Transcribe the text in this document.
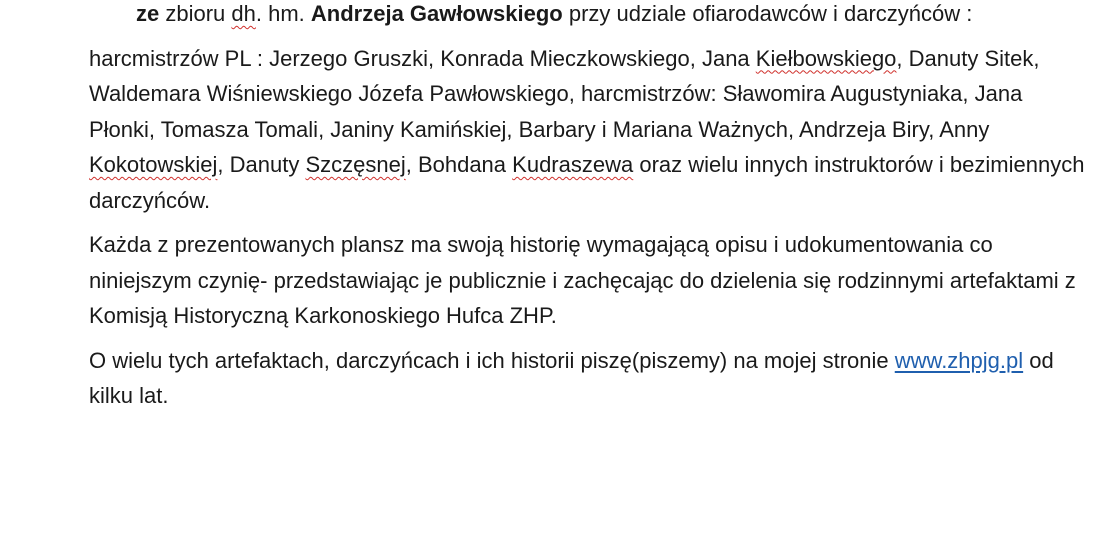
ze zbioru dh. hm. Andrzeja Gawłowskiego przy udziale ofiarodawców i darczyńców :

harcmistrzów PL : Jerzego Gruszki, Konrada Mieczkowskiego, Jana Kiełbowskiego, Danuty Sitek, Waldemara Wiśniewskiego Józefa Pawłowskiego, harcmistrzów: Sławomira Augustyniaka, Jana Płonki, Tomasza Tomali, Janiny Kamińskiej, Barbary i Mariana Ważnych, Andrzeja Biry, Anny Kokotowskiej, Danuty Szczęsnej, Bohdana Kudraszewa oraz wielu innych instruktorów i bezimiennych darczyńców.

Każda z prezentowanych plansz ma swoją historię wymagającą opisu i udokumentowania co niniejszym czynię- przedstawiając je publicznie i zachęcając do dzielenia się rodzinnymi artefaktami z Komisją Historyczną Karkonoskiego Hufca ZHP.

O wielu tych artefaktach, darczyńcach i ich historii piszę(piszemy) na mojej stronie www.zhpjg.pl od kilku lat.
